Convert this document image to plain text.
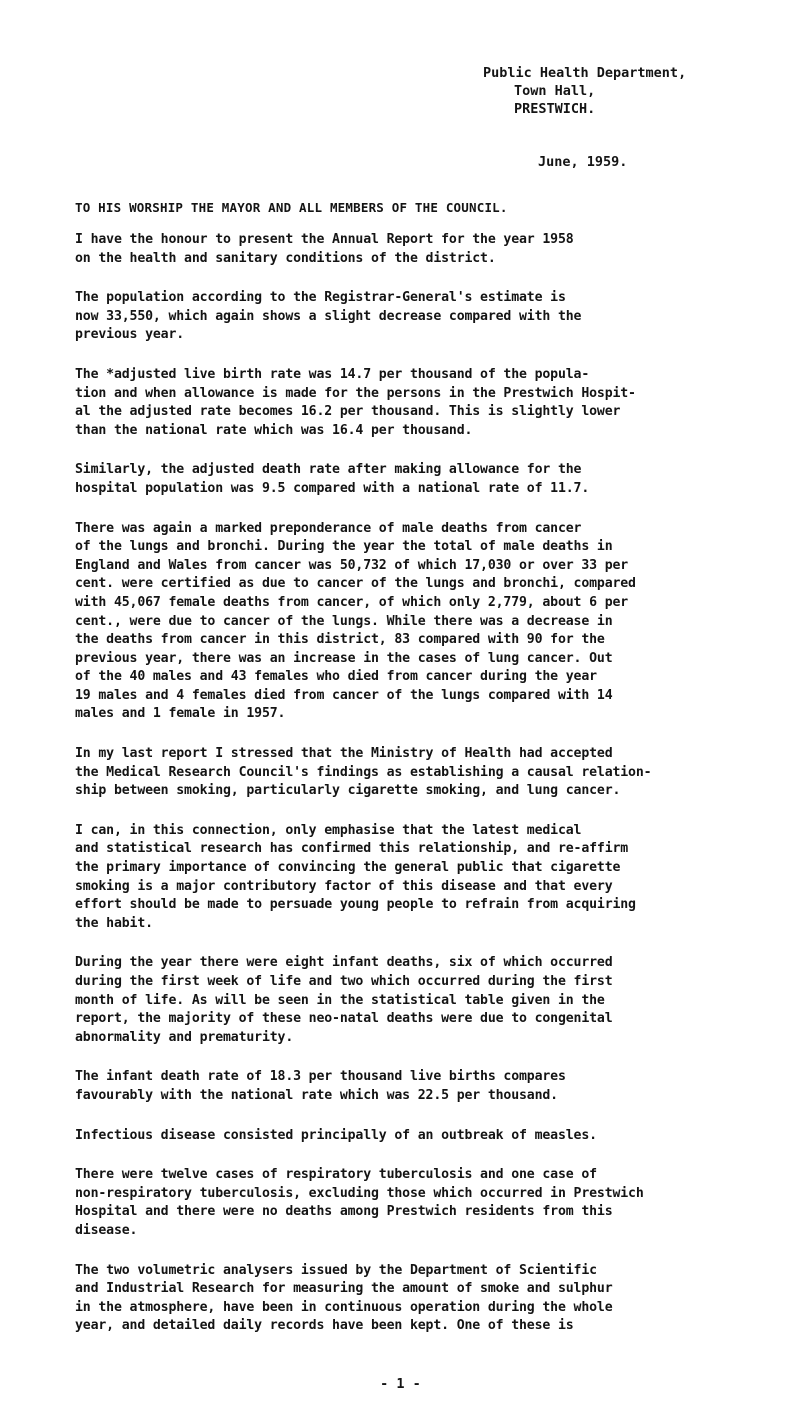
Public Health Department,
Town Hall,
PRESTWICH.
June, 1959.
TO HIS WORSHIP THE MAYOR AND ALL MEMBERS OF THE COUNCIL.

I have the honour to present the Annual Report for the year 1958
on the health and sanitary conditions of the district.

The population according to the Registrar-General's estimate is
now 33,550, which again shows a slight decrease compared with the
previous year.

The *adjusted live birth rate was 14.7 per thousand of the popula-
tion and when allowance is made for the persons in the Prestwich Hospit-
al the adjusted rate becomes 16.2 per thousand. This is slightly lower
than the national rate which was 16.4 per thousand.

Similarly, the adjusted death rate after making allowance for the
hospital population was 9.5 compared with a national rate of 11.7.

There was again a marked preponderance of male deaths from cancer
of the lungs and bronchi. During the year the total of male deaths in
England and Wales from cancer was 50,732 of which 17,030 or over 33 per
cent. were certified as due to cancer of the lungs and bronchi, compared
with 45,067 female deaths from cancer, of which only 2,779, about 6 per
cent., were due to cancer of the lungs. While there was a decrease in
the deaths from cancer in this district, 83 compared with 90 for the
previous year, there was an increase in the cases of lung cancer. Out
of the 40 males and 43 females who died from cancer during the year
19 males and 4 females died from cancer of the lungs compared with 14
males and 1 female in 1957.

In my last report I stressed that the Ministry of Health had accepted
the Medical Research Council's findings as establishing a causal relation-
ship between smoking, particularly cigarette smoking, and lung cancer.

I can, in this connection, only emphasise that the latest medical
and statistical research has confirmed this relationship, and re-affirm
the primary importance of convincing the general public that cigarette
smoking is a major contributory factor of this disease and that every
effort should be made to persuade young people to refrain from acquiring
the habit.

During the year there were eight infant deaths, six of which occurred
during the first week of life and two which occurred during the first
month of life. As will be seen in the statistical table given in the
report, the majority of these neo-natal deaths were due to congenital
abnormality and prematurity.

The infant death rate of 18.3 per thousand live births compares
favourably with the national rate which was 22.5 per thousand.

Infectious disease consisted principally of an outbreak of measles.

There were twelve cases of respiratory tuberculosis and one case of
non-respiratory tuberculosis, excluding those which occurred in Prestwich
Hospital and there were no deaths among Prestwich residents from this
disease.

The two volumetric analysers issued by the Department of Scientific
and Industrial Research for measuring the amount of smoke and sulphur
in the atmosphere, have been in continuous operation during the whole
year, and detailed daily records have been kept. One of these is

- 1 -
